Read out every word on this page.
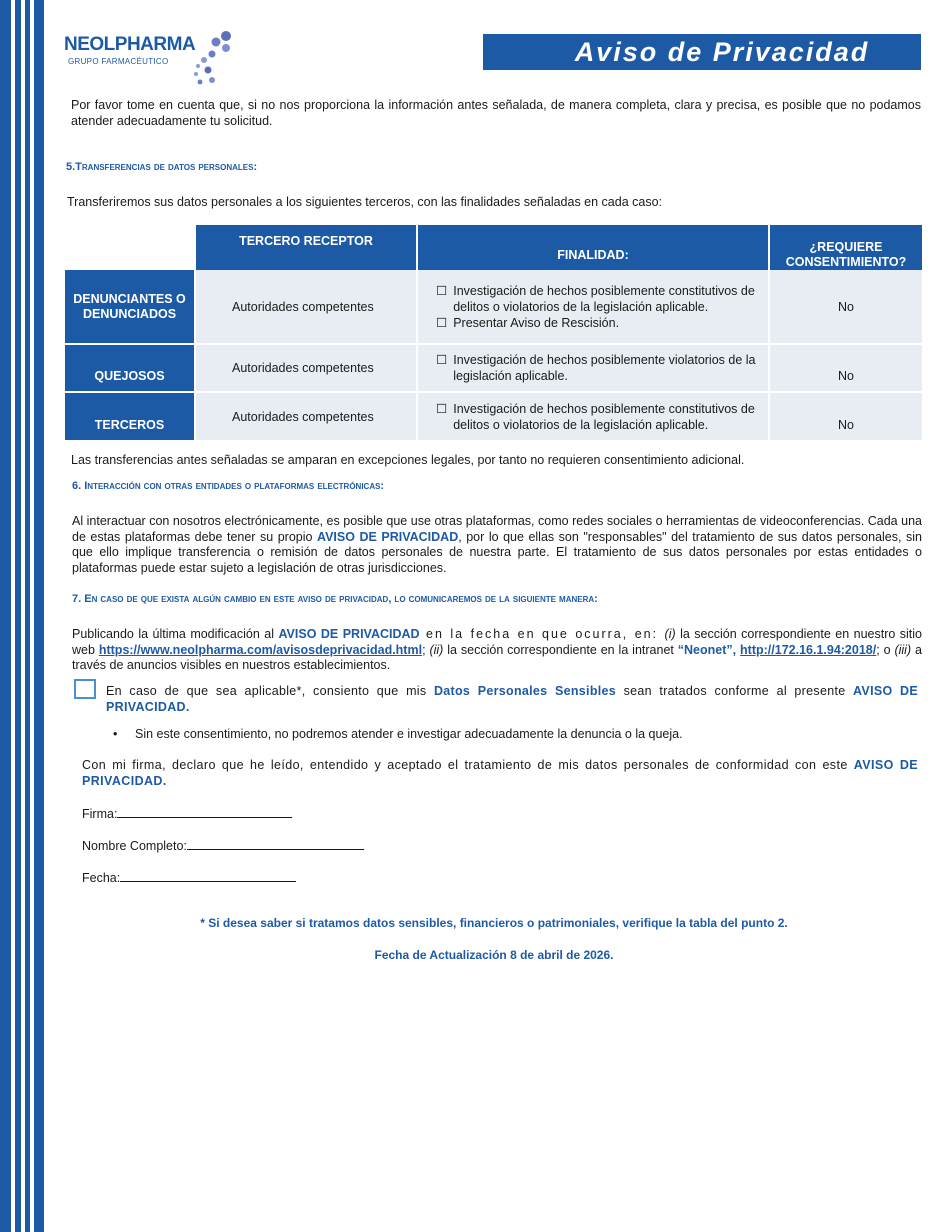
NEOLPHARMA
GRUPO FARMACÉUTICO	Aviso de Privacidad
Por favor tome en cuenta que, si no nos proporciona la información antes señalada, de manera completa, clara y precisa, es posible que no podamos atender adecuadamente tu solicitud.
5.Transferencias de datos personales:
Transferiremos sus datos personales a los siguientes terceros, con las finalidades señaladas en cada caso:

	TERCERO RECEPTOR	FINALIDAD:	¿REQUIERE CONSENTIMIENTO?

DENUNCIANTES O DENUNCIADOS	Autoridades competentes	☐ Investigación de hechos posiblemente constitutivos de delitos o violatorios de la legislación aplicable.
☐ Presentar Aviso de Rescisión.	No
QUEJOSOS	Autoridades competentes	☐ Investigación de hechos posiblemente violatorios de la legislación aplicable.	No
TERCEROS	Autoridades competentes	☐ Investigación de hechos posiblemente constitutivos de delitos o violatorios de la legislación aplicable.	No
Las transferencias antes señaladas se amparan en excepciones legales, por tanto no requieren consentimiento adicional.
6. Interacción con otras entidades o plataformas electrónicas:
Al interactuar con nosotros electrónicamente, es posible que use otras plataformas, como redes sociales o herramientas de videoconferencias. Cada una de estas plataformas debe tener su propio AVISO DE PRIVACIDAD, por lo que ellas son "responsables" del tratamiento de sus datos personales, sin que ello implique transferencia o remisión de datos personales de nuestra parte. El tratamiento de sus datos personales por estas entidades o plataformas puede estar sujeto a legislación de otras jurisdicciones.
7. En caso de que exista algún cambio en este aviso de privacidad, lo comunicaremos de la siguiente manera:
Publicando la última modificación al AVISO DE PRIVACIDAD en la fecha en que ocurra, en: (i) la sección correspondiente en nuestro sitio web https://www.neolpharma.com/avisosdeprivacidad.html; (ii) la sección correspondiente en la intranet “Neonet”, http://172.16.1.94:2018/; o (iii) a través de anuncios visibles en nuestros establecimientos.
En caso de que sea aplicable*, consiento que mis Datos Personales Sensibles sean tratados conforme al presente AVISO DE PRIVACIDAD.
• Sin este consentimiento, no podremos atender e investigar adecuadamente la denuncia o la queja.
Con mi firma, declaro que he leído, entendido y aceptado el tratamiento de mis datos personales de conformidad con este AVISO DE PRIVACIDAD.
Firma:
Nombre Completo:
Fecha:
* Si desea saber si tratamos datos sensibles, financieros o patrimoniales, verifique la tabla del punto 2.
Fecha de Actualización 8 de abril de 2026.
